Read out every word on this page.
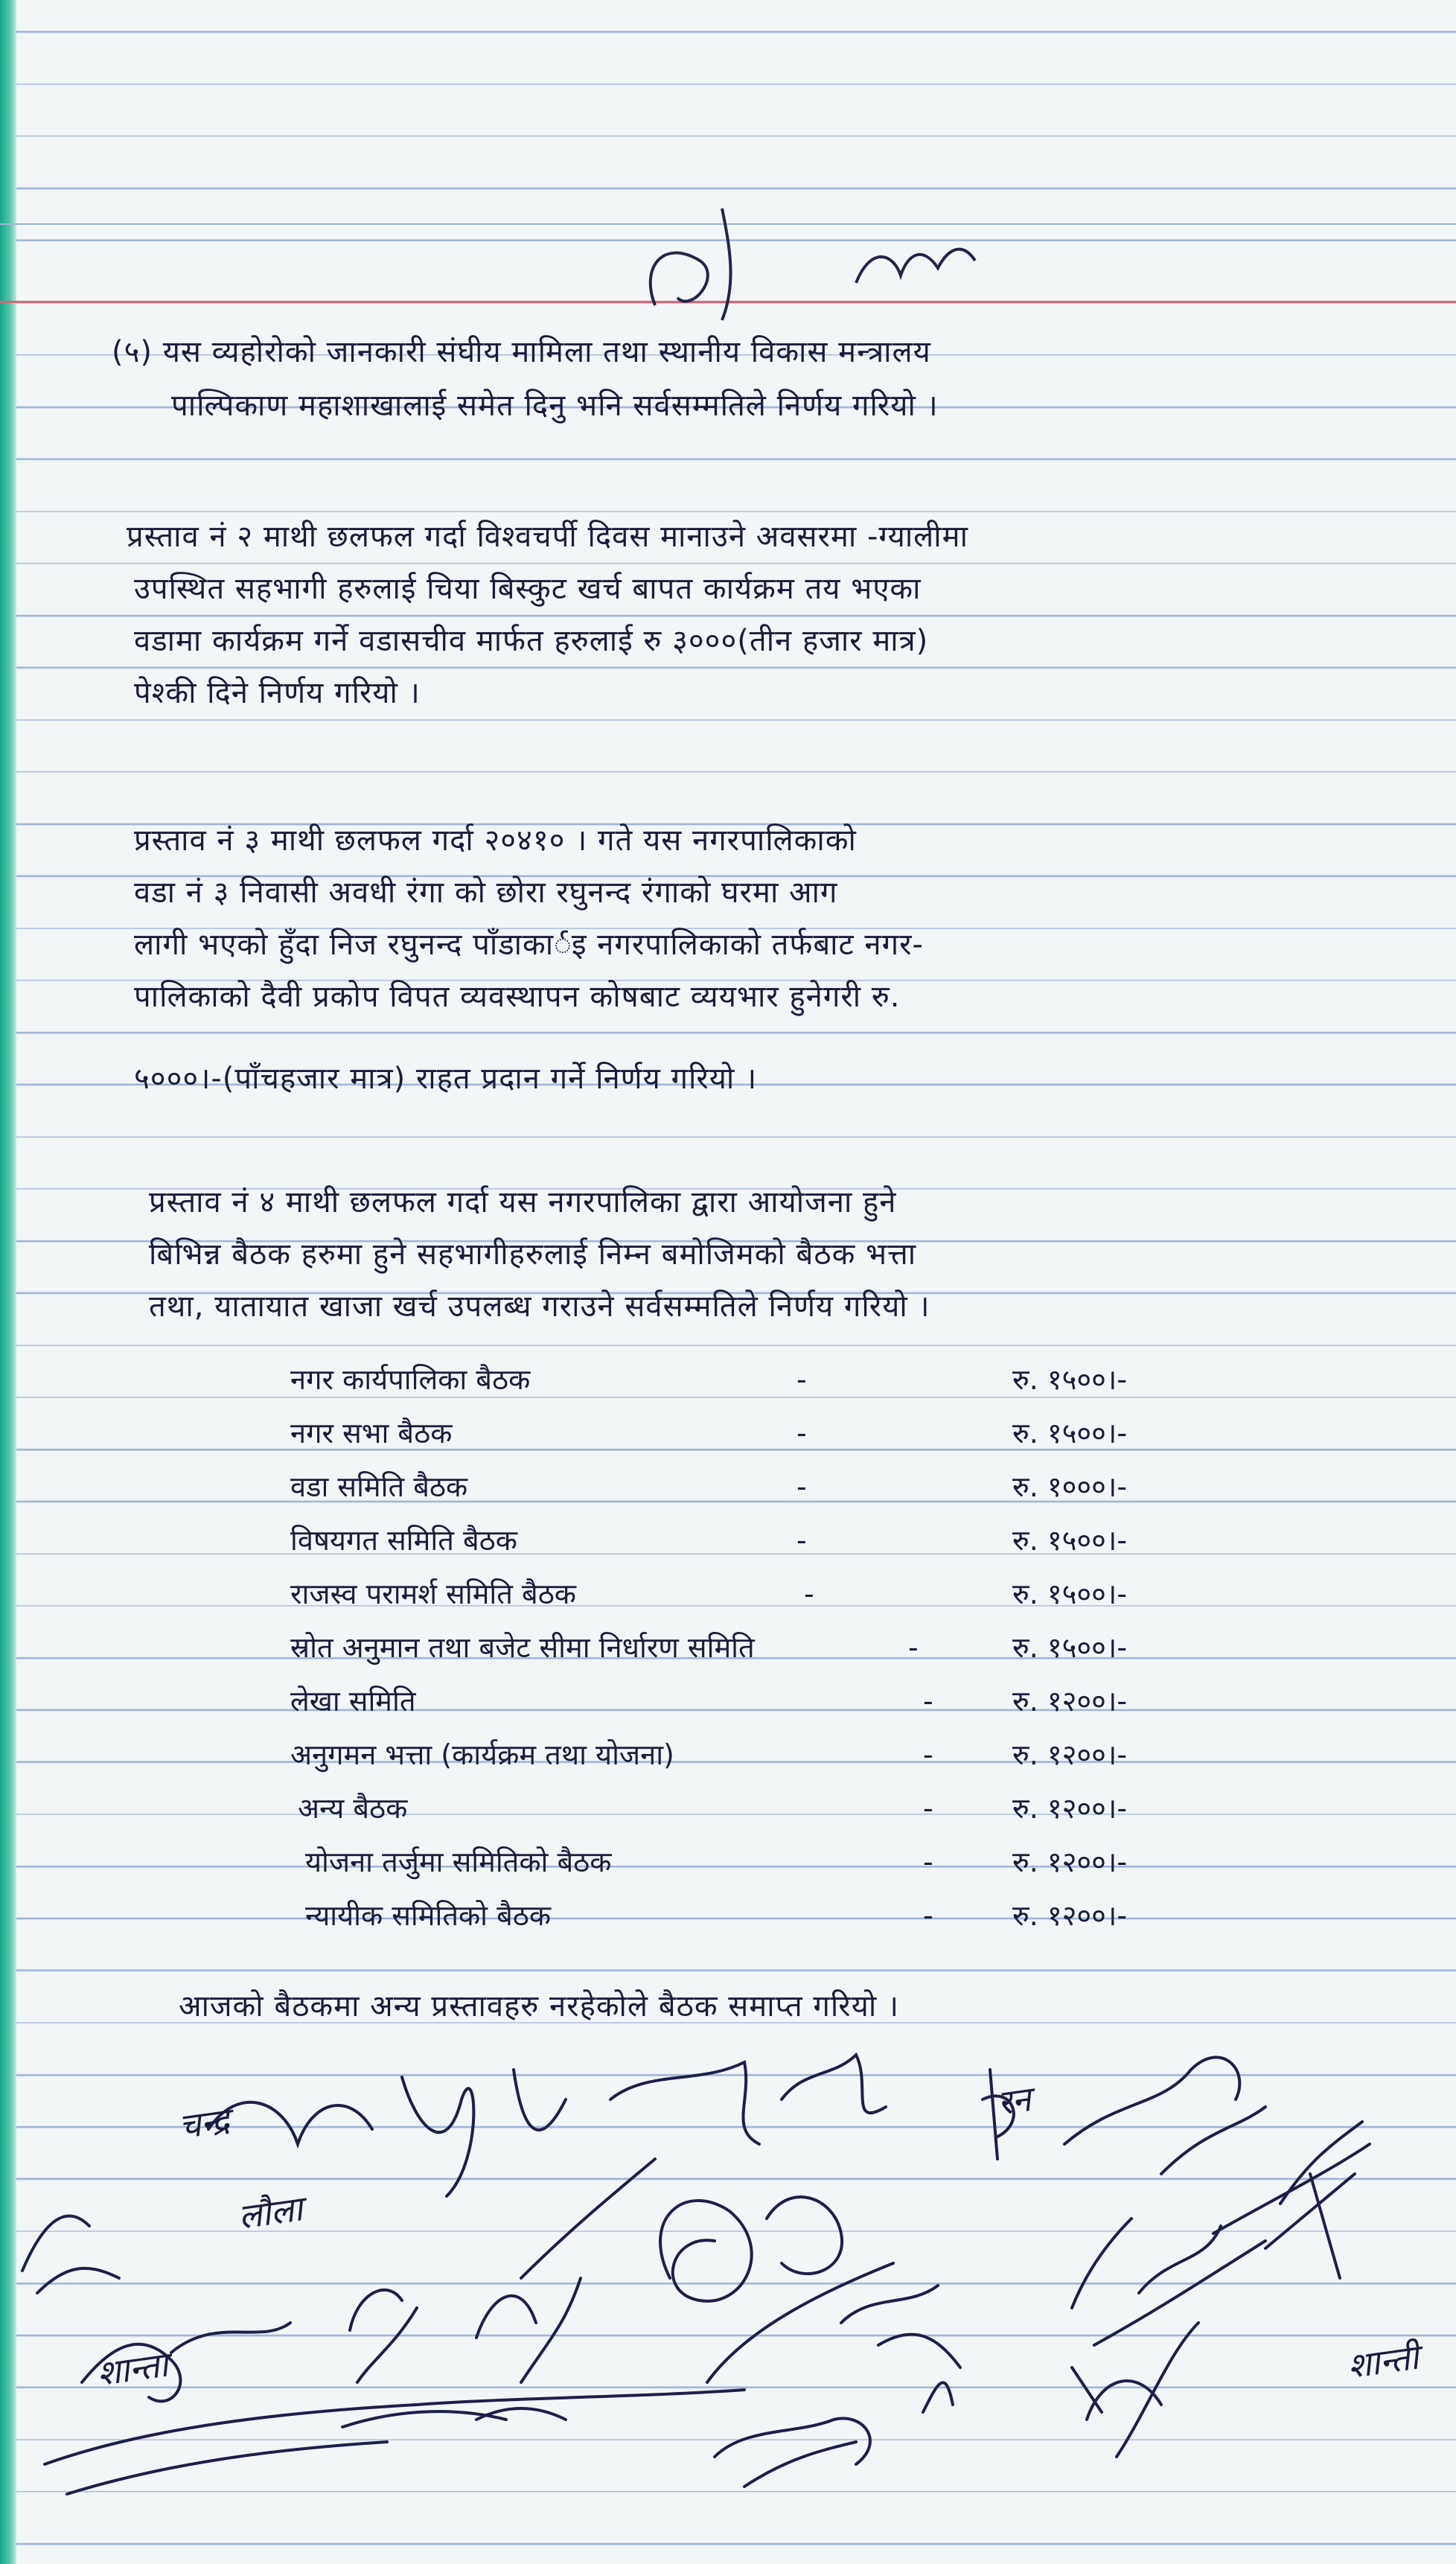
(५) यस व्यहोरोको जानकारी संघीय मामिला तथा स्थानीय विकास मन्त्रालय
पाल्पिकाण महाशाखालाई समेत दिनु भनि सर्वसम्मतिले निर्णय गरियो ।
प्रस्ताव नं २ माथी छलफल गर्दा विश्वचर्पी दिवस मानाउने अवसरमा -ग्यालीमा
उपस्थित सहभागी हरुलाई चिया बिस्कुट खर्च बापत कार्यक्रम तय भएका
वडामा कार्यक्रम गर्ने वडासचीव मार्फत हरुलाई रु ३०००(तीन हजार मात्र)
पेश्की दिने निर्णय गरियो ।
प्रस्ताव नं ३ माथी छलफल गर्दा २०४१० । गते यस नगरपालिकाको
वडा नं ३ निवासी अवधी रंगा को छोरा रघुनन्द रंगाको घरमा आग
लागी भएको हुँदा निज रघुनन्द पाँडाकार्इ नगरपालिकाको तर्फबाट नगर-
पालिकाको दैवी प्रकोप विपत व्यवस्थापन कोषबाट व्ययभार हुनेगरी रु.
५०००।-(पाँचहजार मात्र) राहत प्रदान गर्ने निर्णय गरियो ।
प्रस्ताव नं ४ माथी छलफल गर्दा यस नगरपालिका द्वारा आयोजना हुने
बिभिन्न बैठक हरुमा हुने सहभागीहरुलाई निम्न बमोजिमको बैठक भत्ता
तथा, यातायात खाजा खर्च उपलब्ध गराउने सर्वसम्मतिले निर्णय गरियो ।
नगर कार्यपालिका बैठक	-	रु. १५००।-
नगर सभा बैठक	-	रु. १५००।-
वडा समिति बैठक	-	रु. १०००।-
विषयगत समिति बैठक	-	रु. १५००।-
राजस्व परामर्श समिति बैठक	-	रु. १५००।-
स्रोत अनुमान तथा बजेट सीमा निर्धारण समिति	-	रु. १५००।-
लेखा समिति	-	रु. १२००।-
अनुगमन भत्ता (कार्यक्रम तथा योजना)	-	रु. १२००।-
अन्य बैठक	-	रु. १२००।-
योजना तर्जुमा समितिको बैठक	-	रु. १२००।-
न्यायीक समितिको बैठक	-	रु. १२००।-
आजको बैठकमा अन्य प्रस्तावहरु नरहेकोले बैठक समाप्त गरियो ।
शान्ती
शान्ता
लौला
रन
चन्द्र
